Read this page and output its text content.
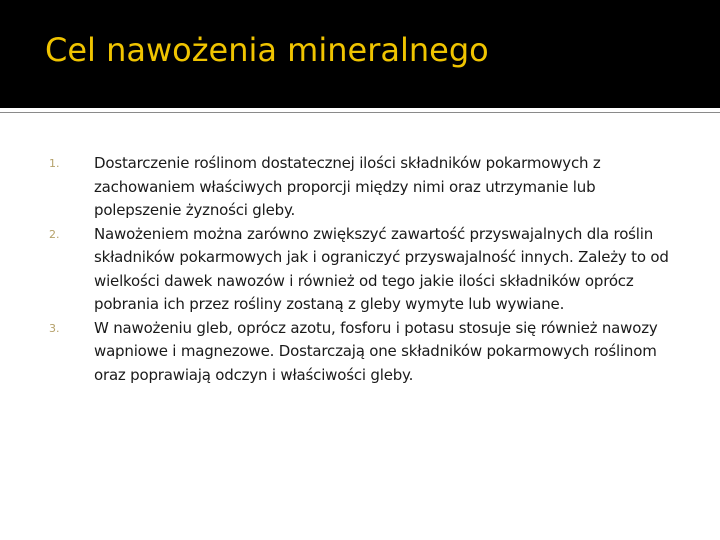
Cel nawożenia mineralnego
1. Dostarczenie roślinom dostatecznej ilości składników pokarmowych z zachowaniem właściwych proporcji między nimi oraz utrzymanie lub polepszenie żyzności gleby.
2. Nawożeniem można zarówno zwiększyć zawartość przyswajalnych dla roślin składników pokarmowych jak i ograniczyć przyswajalność innych. Zależy to od wielkości dawek nawozów i również od tego jakie ilości składników oprócz pobrania ich przez rośliny zostaną z gleby wymyte lub wywiane.
3. W nawożeniu gleb, oprócz azotu, fosforu i potasu stosuje się również nawozy wapniowe i magnezowe. Dostarczają one składników pokarmowych roślinom oraz poprawiają odczyn i właściwości gleby.
